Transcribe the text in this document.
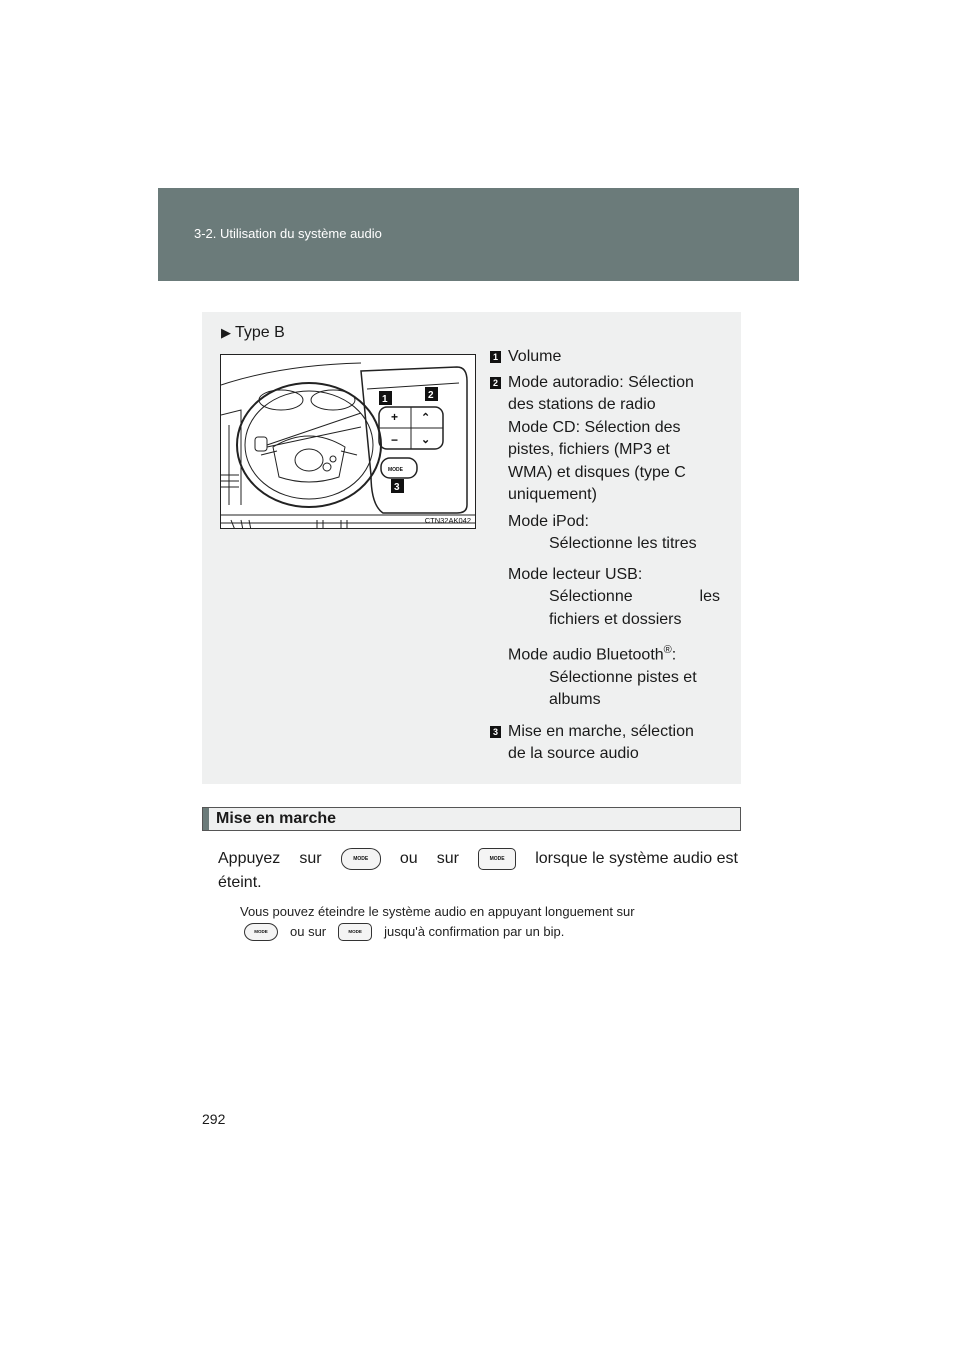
3-2. Utilisation du système audio
▶ Type B
+
−
⌃
⌄
MODE
1	2
3
CTN32AK042
1 Volume
2 Mode autoradio: Sélection
des stations de radio
Mode CD: Sélection des
pistes, fichiers (MP3 et
WMA) et disques (type C
uniquement)
Mode iPod:
Sélectionne les titres
Mode lecteur USB:
Sélectionne	les
fichiers et dossiers
Mode audio Bluetooth®:
Sélectionne pistes et
albums
3 Mise en marche, sélection
de la source audio
Mise en marche
Appuyez sur	MODE	ou sur	MODE	lorsque le système audio est
éteint.
Vous pouvez éteindre le système audio en appuyant longuement sur
MODE	ou sur	MODE	jusqu'à confirmation par un bip.
292
